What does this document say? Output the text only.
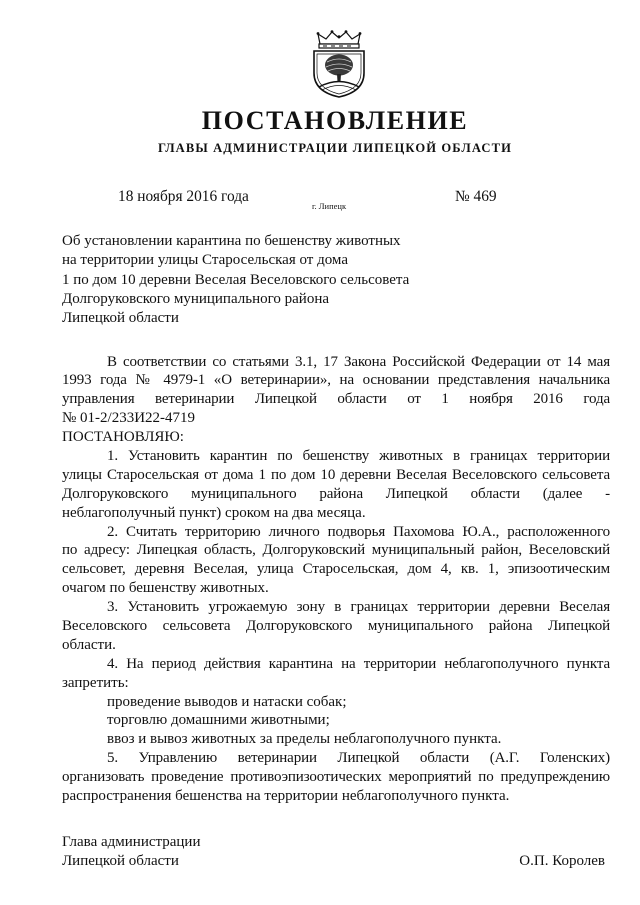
ПОСТАНОВЛЕНИЕ
ГЛАВЫ АДМИНИСТРАЦИИ ЛИПЕЦКОЙ ОБЛАСТИ
18 ноября 2016 года
г. Липецк
№ 469
Об установлении карантина по бешенству животных
на территории улицы Старосельская от дома
1 по дом 10 деревни Веселая Веселовского сельсовета
Долгоруковского муниципального района
Липецкой области
В соответствии со статьями 3.1, 17 Закона Российской Федерации от 14 мая
1993 года № 4979-1 «О ветеринарии», на основании представления начальника
управления ветеринарии Липецкой области от 1 ноября 2016 года
№ 01-2/233И22-4719
ПОСТАНОВЛЯЮ:
1. Установить карантин по бешенству животных в границах территории
улицы Старосельская от дома 1 по дом 10 деревни Веселая Веселовского сельсовета
Долгоруковского муниципального района Липецкой области (далее -
неблагополучный пункт) сроком на два месяца.
2. Считать территорию личного подворья Пахомова Ю.А., расположенного
по адресу: Липецкая область, Долгоруковский муниципальный район, Веселовский
сельсовет, деревня Веселая, улица Старосельская, дом 4, кв. 1, эпизоотическим
очагом по бешенству животных.
3. Установить угрожаемую зону в границах территории деревни Веселая
Веселовского сельсовета Долгоруковского муниципального района Липецкой
области.
4. На период действия карантина на территории неблагополучного пункта
запретить:
проведение выводов и натаски собак;
торговлю домашними животными;
ввоз и вывоз животных за пределы неблагополучного пункта.
5. Управлению ветеринарии Липецкой области (А.Г. Голенских)
организовать проведение противоэпизоотических мероприятий по предупреждению
распространения бешенства на территории неблагополучного пункта.
Глава администрации
Липецкой области	О.П. Королев
